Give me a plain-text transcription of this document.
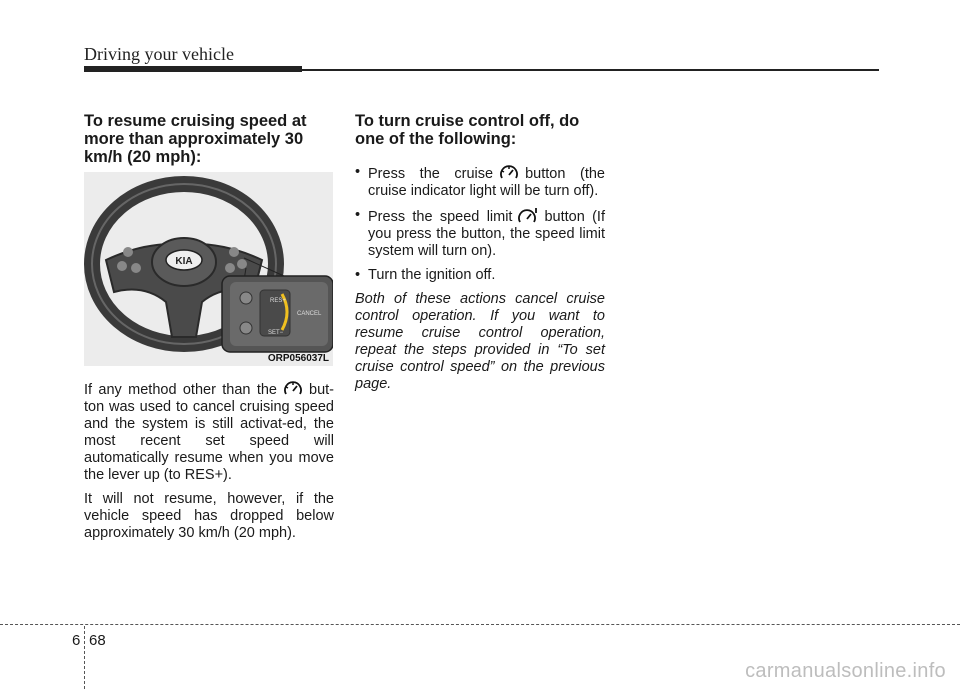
Driving your vehicle
To resume cruising speed at more than approximately 30 km/h (20 mph):
KIA
RES+
CANCEL
SET−
ORP056037L

If any method other than the but-ton was used to cancel cruising speed and the system is still activat-ed, the most recent set speed will automatically resume when you move the lever up (to RES+).

It will not resume, however, if the vehicle speed has dropped below approximately 30 km/h (20 mph).

To turn cruise control off, do one of the following:
• Press the cruise button (the cruise indicator light will be turn off).
• Press the speed limit button (If you press the button, the speed limit system will turn on).
• Turn the ignition off.

Both of these actions cancel cruise control operation. If you want to resume cruise control operation, repeat the steps provided in “To set cruise control speed” on the previous page.

6 68
carmanualsonline.info
